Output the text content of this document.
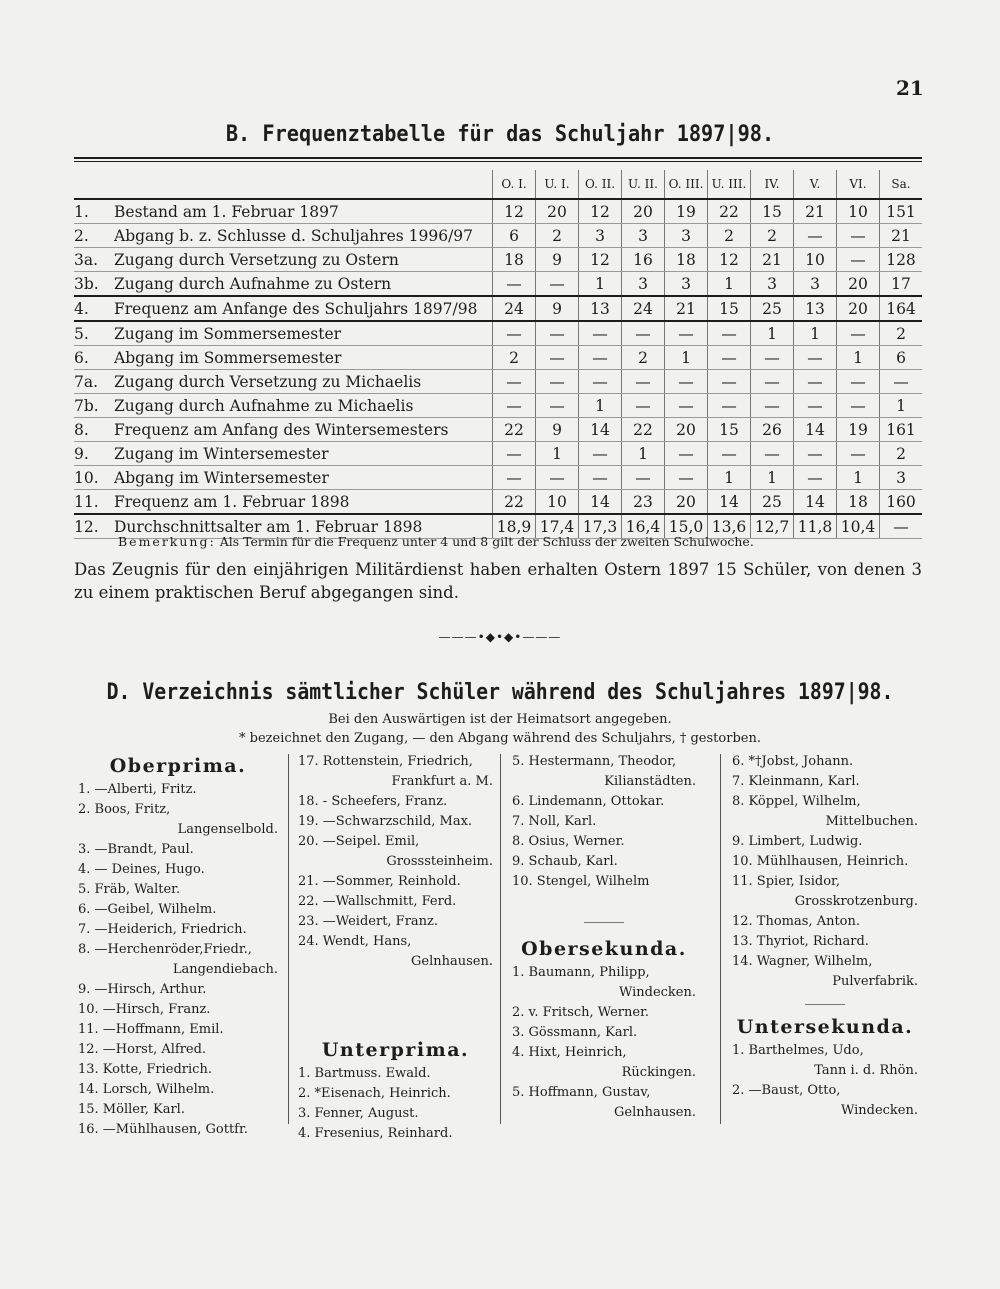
21
B. Frequenztabelle für das Schuljahr 1897|98.
		O. I.	U. I.	O. II.	U. II.	O. III.	U. III.	IV.	V.	VI.	Sa.
1.	Bestand am 1. Februar 1897	12	20	12	20	19	22	15	21	10	151
2.	Abgang b. z. Schlusse d. Schuljahres 1996/97	6	2	3	3	3	2	2	—	—	21
3a.	Zugang durch Versetzung zu Ostern	18	9	12	16	18	12	21	10	—	128
3b.	Zugang durch Aufnahme zu Ostern	—	—	1	3	3	1	3	3	20	17
4.	Frequenz am Anfange des Schuljahrs 1897/98	24	9	13	24	21	15	25	13	20	164
5.	Zugang im Sommersemester	—	—	—	—	—	—	1	1	—	2
6.	Abgang im Sommersemester	2	—	—	2	1	—	—	—	1	6
7a.	Zugang durch Versetzung zu Michaelis	—	—	—	—	—	—	—	—	—	—
7b.	Zugang durch Aufnahme zu Michaelis	—	—	1	—	—	—	—	—	—	1
8.	Frequenz am Anfang des Wintersemesters	22	9	14	22	20	15	26	14	19	161
9.	Zugang im Wintersemester	—	1	—	1	—	—	—	—	—	2
10.	Abgang im Wintersemester	—	—	—	—	—	1	1	—	1	3
11.	Frequenz am 1. Februar 1898	22	10	14	23	20	14	25	14	18	160
12.	Durchschnittsalter am 1. Februar 1898	18,9	17,4	17,3	16,4	15,0	13,6	12,7	11,8	10,4	—
Bemerkung: Als Termin für die Frequenz unter 4 und 8 gilt der Schluss der zweiten Schulwoche.
Das Zeugnis für den einjährigen Militärdienst haben erhalten Ostern 1897 15 Schüler, von denen 3 zu einem praktischen Beruf abgegangen sind.
———•◆•◆•———
D. Verzeichnis sämtlicher Schüler während des Schuljahres 1897|98.
Bei den Auswärtigen ist der Heimatsort angegeben.
* bezeichnet den Zugang, — den Abgang während des Schuljahrs, † gestorben.
Oberprima.
1. —Alberti, Fritz.
2. Boos, Fritz,
Langenselbold.
3. —Brandt, Paul.
4. — Deines, Hugo.
5. Fräb, Walter.
6. —Geibel, Wilhelm.
7. —Heiderich, Friedrich.
8. —Herchenröder,Friedr.,
Langendiebach.
9. —Hirsch, Arthur.
10. —Hirsch, Franz.
11. —Hoffmann, Emil.
12. —Horst, Alfred.
13. Kotte, Friedrich.
14. Lorsch, Wilhelm.
15. Möller, Karl.
16. —Mühlhausen, Gottfr.
17. Rottenstein, Friedrich,
Frankfurt a. M.
18. - Scheefers, Franz.
19. —Schwarzschild, Max.
20. —Seipel. Emil,
Grosssteinheim.
21. —Sommer, Reinhold.
22. —Wallschmitt, Ferd.
23. —Weidert, Franz.
24. Wendt, Hans,
Gelnhausen.
Unterprima.
1. Bartmuss. Ewald.
2. *Eisenach, Heinrich.
3. Fenner, August.
4. Fresenius, Reinhard.
5. Hestermann, Theodor,
Kilianstädten.
6. Lindemann, Ottokar.
7. Noll, Karl.
8. Osius, Werner.
9. Schaub, Karl.
10. Stengel, Wilhelm
Obersekunda.
1. Baumann, Philipp,
Windecken.
2. v. Fritsch, Werner.
3. Gössmann, Karl.
4. Hixt, Heinrich,
Rückingen.
5. Hoffmann, Gustav,
Gelnhausen.
6. *†Jobst, Johann.
7. Kleinmann, Karl.
8. Köppel, Wilhelm,
Mittelbuchen.
9. Limbert, Ludwig.
10. Mühlhausen, Heinrich.
11. Spier, Isidor,
Grosskrotzenburg.
12. Thomas, Anton.
13. Thyriot, Richard.
14. Wagner, Wilhelm,
Pulverfabrik.
Untersekunda.
1. Barthelmes, Udo,
Tann i. d. Rhön.
2. —Baust, Otto,
Windecken.
